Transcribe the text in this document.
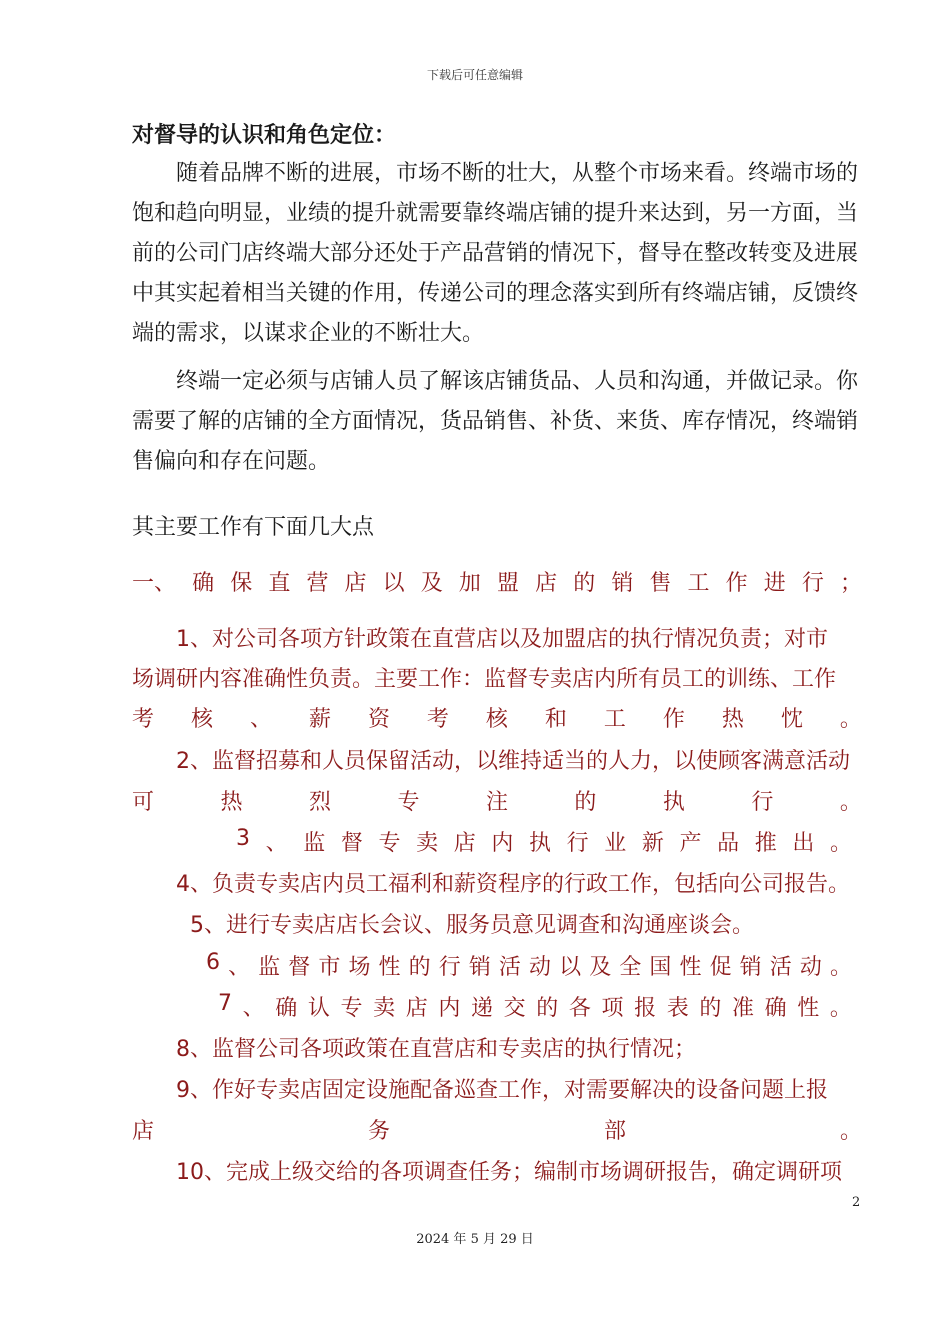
下载后可任意编辑
对督导的认识和角色定位：
随着品牌不断的进展，市场不断的壮大，从整个市场来看。终端市场的饱和趋向明显，业绩的提升就需要靠终端店铺的提升来达到，另一方面，当前的公司门店终端大部分还处于产品营销的情况下，督导在整改转变及进展中其实起着相当关键的作用，传递公司的理念落实到所有终端店铺，反馈终端的需求，以谋求企业的不断壮大。
终端一定必须与店铺人员了解该店铺货品、人员和沟通，并做记录。你需要了解的店铺的全方面情况，货品销售、补货、来货、库存情况，终端销售偏向和存在问题。
其主要工作有下面几大点
一、 确 保 直 营 店 以 及 加 盟 店 的 销 售 工 作 进 行 ；
1、对公司各项方针政策在直营店以及加盟店的执行情况负责；对市
场调研内容准确性负责。主要工作：监督专卖店内所有员工的训练、工作
考 核 、 薪 资 考 核 和 工 作 热 忱 。
2、监督招募和人员保留活动，以维持适当的人力，以使顾客满意活动
可	热	烈	专	注	的	执	行	。
3 、 监 督 专 卖 店 内 执 行 业 新 产 品 推 出 。
4、负责专卖店内员工福利和薪资程序的行政工作，包括向公司报告。
5、进行专卖店店长会议、服务员意见调查和沟通座谈会。
6 、 监 督 市 场 性 的 行 销 活 动 以 及 全 国 性 促 销 活 动 。
7 、 确 认 专 卖 店 内 递 交 的 各 项 报 表 的 准 确 性 。
8、监督公司各项政策在直营店和专卖店的执行情况；
9、作好专卖店固定设施配备巡查工作，对需要解决的设备问题上报
店	务	部	。
10、完成上级交给的各项调查任务；编制市场调研报告，确定调研项
2
2024 年 5 月 29 日
